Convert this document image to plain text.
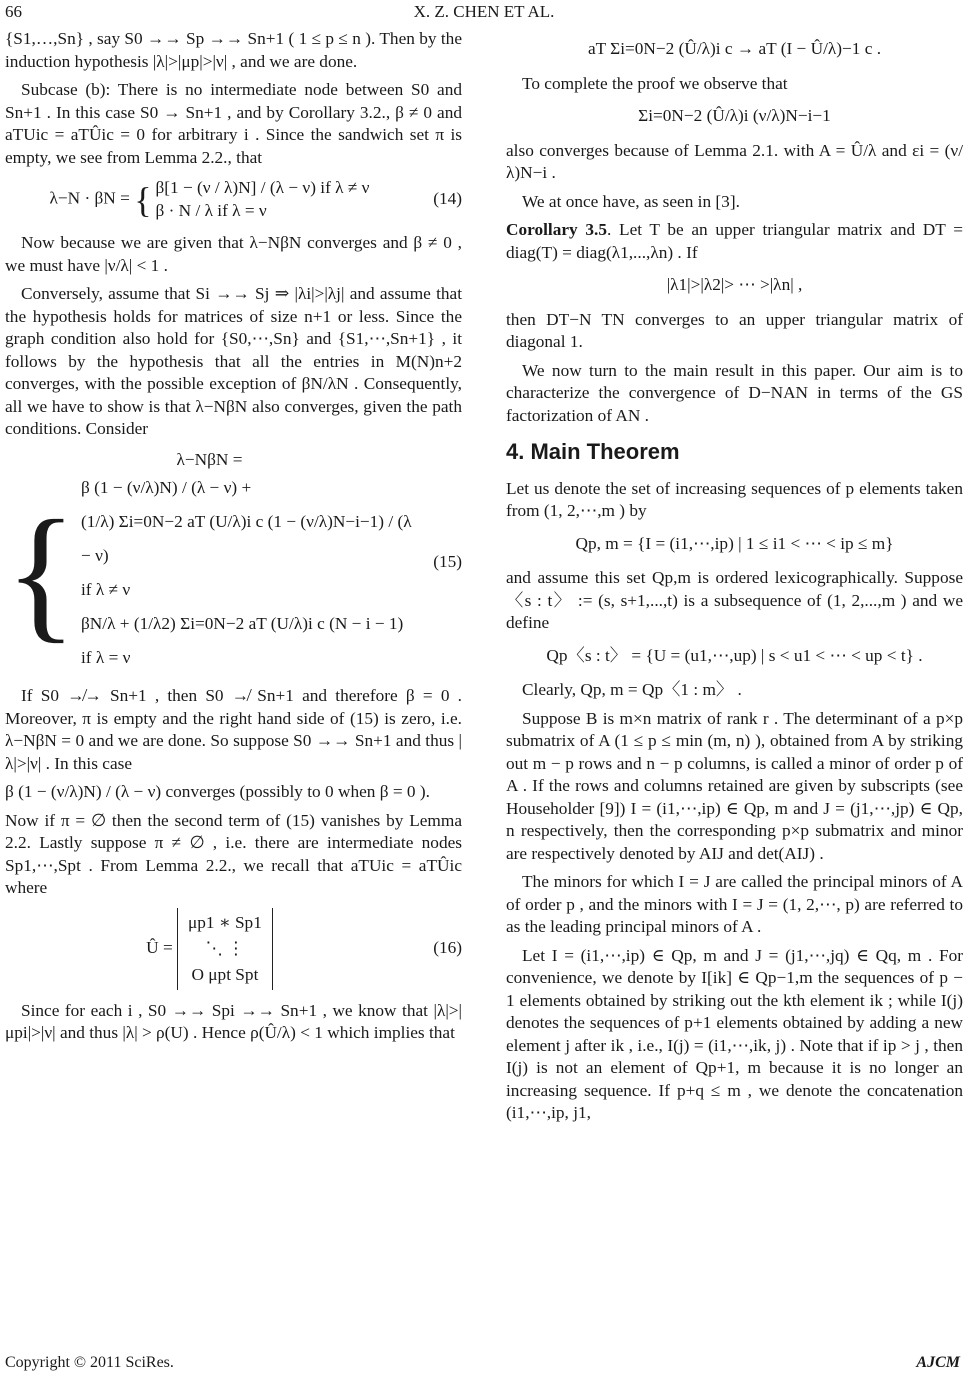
66	X. Z. CHEN ET AL.

{S1,…,Sn} , say S0 →→ Sp →→ Sn+1 ( 1 ≤ p ≤ n ). Then by the induction hypothesis |λ|>|μp|>|ν| , and we are done.

Subcase (b): There is no intermediate node between S0 and Sn+1 . In this case S0 → Sn+1 , and by Corollary 3.2., β ≠ 0 and aTUic = aTÛic = 0 for arbitrary i . Since the sandwich set π is empty, we see from Lemma 2.2., that

λ−N · βN = { β[1 − (ν / λ)N] / (λ − ν) if λ ≠ ν
β · N / λ if λ = ν
(14)

Now because we are given that λ−NβN converges and β ≠ 0 , we must have |ν/λ| < 1 .

Conversely, assume that Si →→ Sj ⇒ |λi|>|λj| and assume that the hypothesis holds for matrices of size n+1 or less. Since the graph condition also hold for {S0,⋯,Sn} and {S1,⋯,Sn+1} , it follows by the hypothesis that all the entries in M(N)n+2 converges, with the possible exception of βN/λN . Consequently, all we have to show is that λ−NβN also converges, given the path conditions. Consider

λ−NβN =
{
β (1 − (ν/λ)N) / (λ − ν) +
(1/λ) Σi=0N−2 aT (U/λ)i c (1 − (ν/λ)N−i−1) / (λ − ν)
if λ ≠ ν
βN/λ + (1/λ2) Σi=0N−2 aT (U/λ)i c (N − i − 1)
if λ = ν
(15)

If S0 ↛→ Sn+1 , then S0 ↛ Sn+1 and therefore β = 0 . Moreover, π is empty and the right hand side of (15) is zero, i.e. λ−NβN = 0 and we are done. So suppose S0 →→ Sn+1 and thus |λ|>|ν| . In this case

β (1 − (ν/λ)N) / (λ − ν) converges (possibly to 0 when β = 0 ).

Now if π = ∅ then the second term of (15) vanishes by Lemma 2.2. Lastly suppose π ≠ ∅ , i.e. there are intermediate nodes Sp1,⋯,Spt . From Lemma 2.2., we recall that aTUic = aTÛic where

Û =
μp1 ∗ Sp1
⋱ ⋮
O μpt Spt
(16)

Since for each i , S0 →→ Spi →→ Sn+1 , we know that |λ|>|μpi|>|ν| and thus |λ| > ρ(U) . Hence ρ(Û/λ) < 1 which implies that

aT Σi=0N−2 (Û/λ)i c → aT (I − Û/λ)−1 c .

To complete the proof we observe that

Σi=0N−2 (Û/λ)i (ν/λ)N−i−1

also converges because of Lemma 2.1. with A = Û/λ and εi = (ν/λ)N−i .

We at once have, as seen in [3].

Corollary 3.5. Let T be an upper triangular matrix and DT = diag(T) = diag(λ1,...,λn) . If

|λ1|>|λ2|> ⋯ >|λn| ,

then DT−N TN converges to an upper triangular matrix of diagonal 1.

We now turn to the main result in this paper. Our aim is to characterize the convergence of D−NAN in terms of the GS factorization of AN .

4. Main Theorem

Let us denote the set of increasing sequences of p elements taken from (1, 2,⋯,m ) by

Qp, m = {I = (i1,⋯,ip) | 1 ≤ i1 < ⋯ < ip ≤ m}

and assume this set Qp,m is ordered lexicographically. Suppose 〈s : t〉 := (s, s+1,...,t) is a subsequence of (1, 2,...,m ) and we define

Qp〈s : t〉 = {U = (u1,⋯,up) | s < u1 < ⋯ < up < t} .

Clearly, Qp, m = Qp〈1 : m〉 .

Suppose B is m×n matrix of rank r . The determinant of a p×p submatrix of A (1 ≤ p ≤ min (m, n) ), obtained from A by striking out m − p rows and n − p columns, is called a minor of order p of A . If the rows and columns retained are given by subscripts (see Householder [9]) I = (i1,⋯,ip) ∈ Qp, m and J = (j1,⋯,jp) ∈ Qp, n respectively, then the corresponding p×p submatrix and minor are respectively denoted by AIJ and det(AIJ) .

The minors for which I = J are called the principal minors of A of order p , and the minors with I = J = (1, 2,⋯, p) are referred to as the leading principal minors of A .

Let I = (i1,⋯,ip) ∈ Qp, m and J = (j1,⋯,jq) ∈ Qq, m . For convenience, we denote by I[ik] ∈ Qp−1,m the sequences of p − 1 elements obtained by striking out the kth element ik ; while I(j) denotes the sequences of p+1 elements obtained by adding a new element j after ik , i.e., I(j) = (i1,⋯,ik, j) . Note that if ip > j , then I(j) is not an element of Qp+1, m because it is no longer an increasing sequence. If p+q ≤ m , we denote the concatenation (i1,⋯,ip, j1,

Copyright © 2011 SciRes.	AJCM
